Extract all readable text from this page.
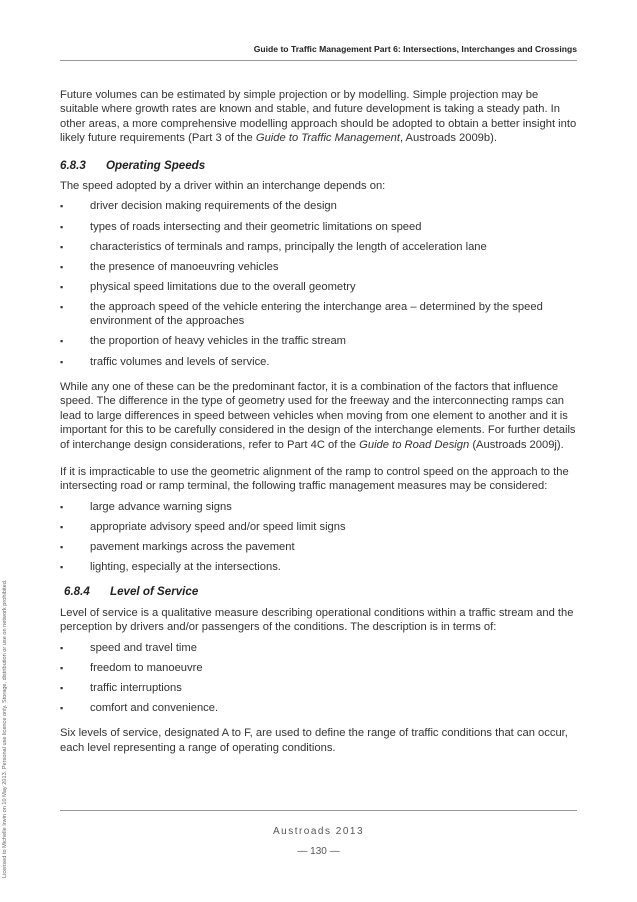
Guide to Traffic Management Part 6: Intersections, Interchanges and Crossings
Licensed to Michelle Irwin on 10 May 2013. Personal use licence only. Storage, distribution or use on network prohibited.

Future volumes can be estimated by simple projection or by modelling. Simple projection may be suitable where growth rates are known and stable, and future development is taking a steady path. In other areas, a more comprehensive modelling approach should be adopted to obtain a better insight into likely future requirements (Part 3 of the Guide to Traffic Management, Austroads 2009b).

6.8.3 Operating Speeds

The speed adopted by a driver within an interchange depends on:

▪ driver decision making requirements of the design
▪ types of roads intersecting and their geometric limitations on speed
▪ characteristics of terminals and ramps, principally the length of acceleration lane
▪ the presence of manoeuvring vehicles
▪ physical speed limitations due to the overall geometry
▪ the approach speed of the vehicle entering the interchange area – determined by the speed environment of the approaches
▪ the proportion of heavy vehicles in the traffic stream
▪ traffic volumes and levels of service.

While any one of these can be the predominant factor, it is a combination of the factors that influence speed. The difference in the type of geometry used for the freeway and the interconnecting ramps can lead to large differences in speed between vehicles when moving from one element to another and it is important for this to be carefully considered in the design of the interchange elements. For further details of interchange design considerations, refer to Part 4C of the Guide to Road Design (Austroads 2009j).

If it is impracticable to use the geometric alignment of the ramp to control speed on the approach to the intersecting road or ramp terminal, the following traffic management measures may be considered:

▪ large advance warning signs
▪ appropriate advisory speed and/or speed limit signs
▪ pavement markings across the pavement
▪ lighting, especially at the intersections.
6.8.4 Level of Service

Level of service is a qualitative measure describing operational conditions within a traffic stream and the perception by drivers and/or passengers of the conditions. The description is in terms of:

▪ speed and travel time
▪ freedom to manoeuvre
▪ traffic interruptions
▪ comfort and convenience.

Six levels of service, designated A to F, are used to define the range of traffic conditions that can occur, each level representing a range of operating conditions.

Austroads 2013
— 130 —
